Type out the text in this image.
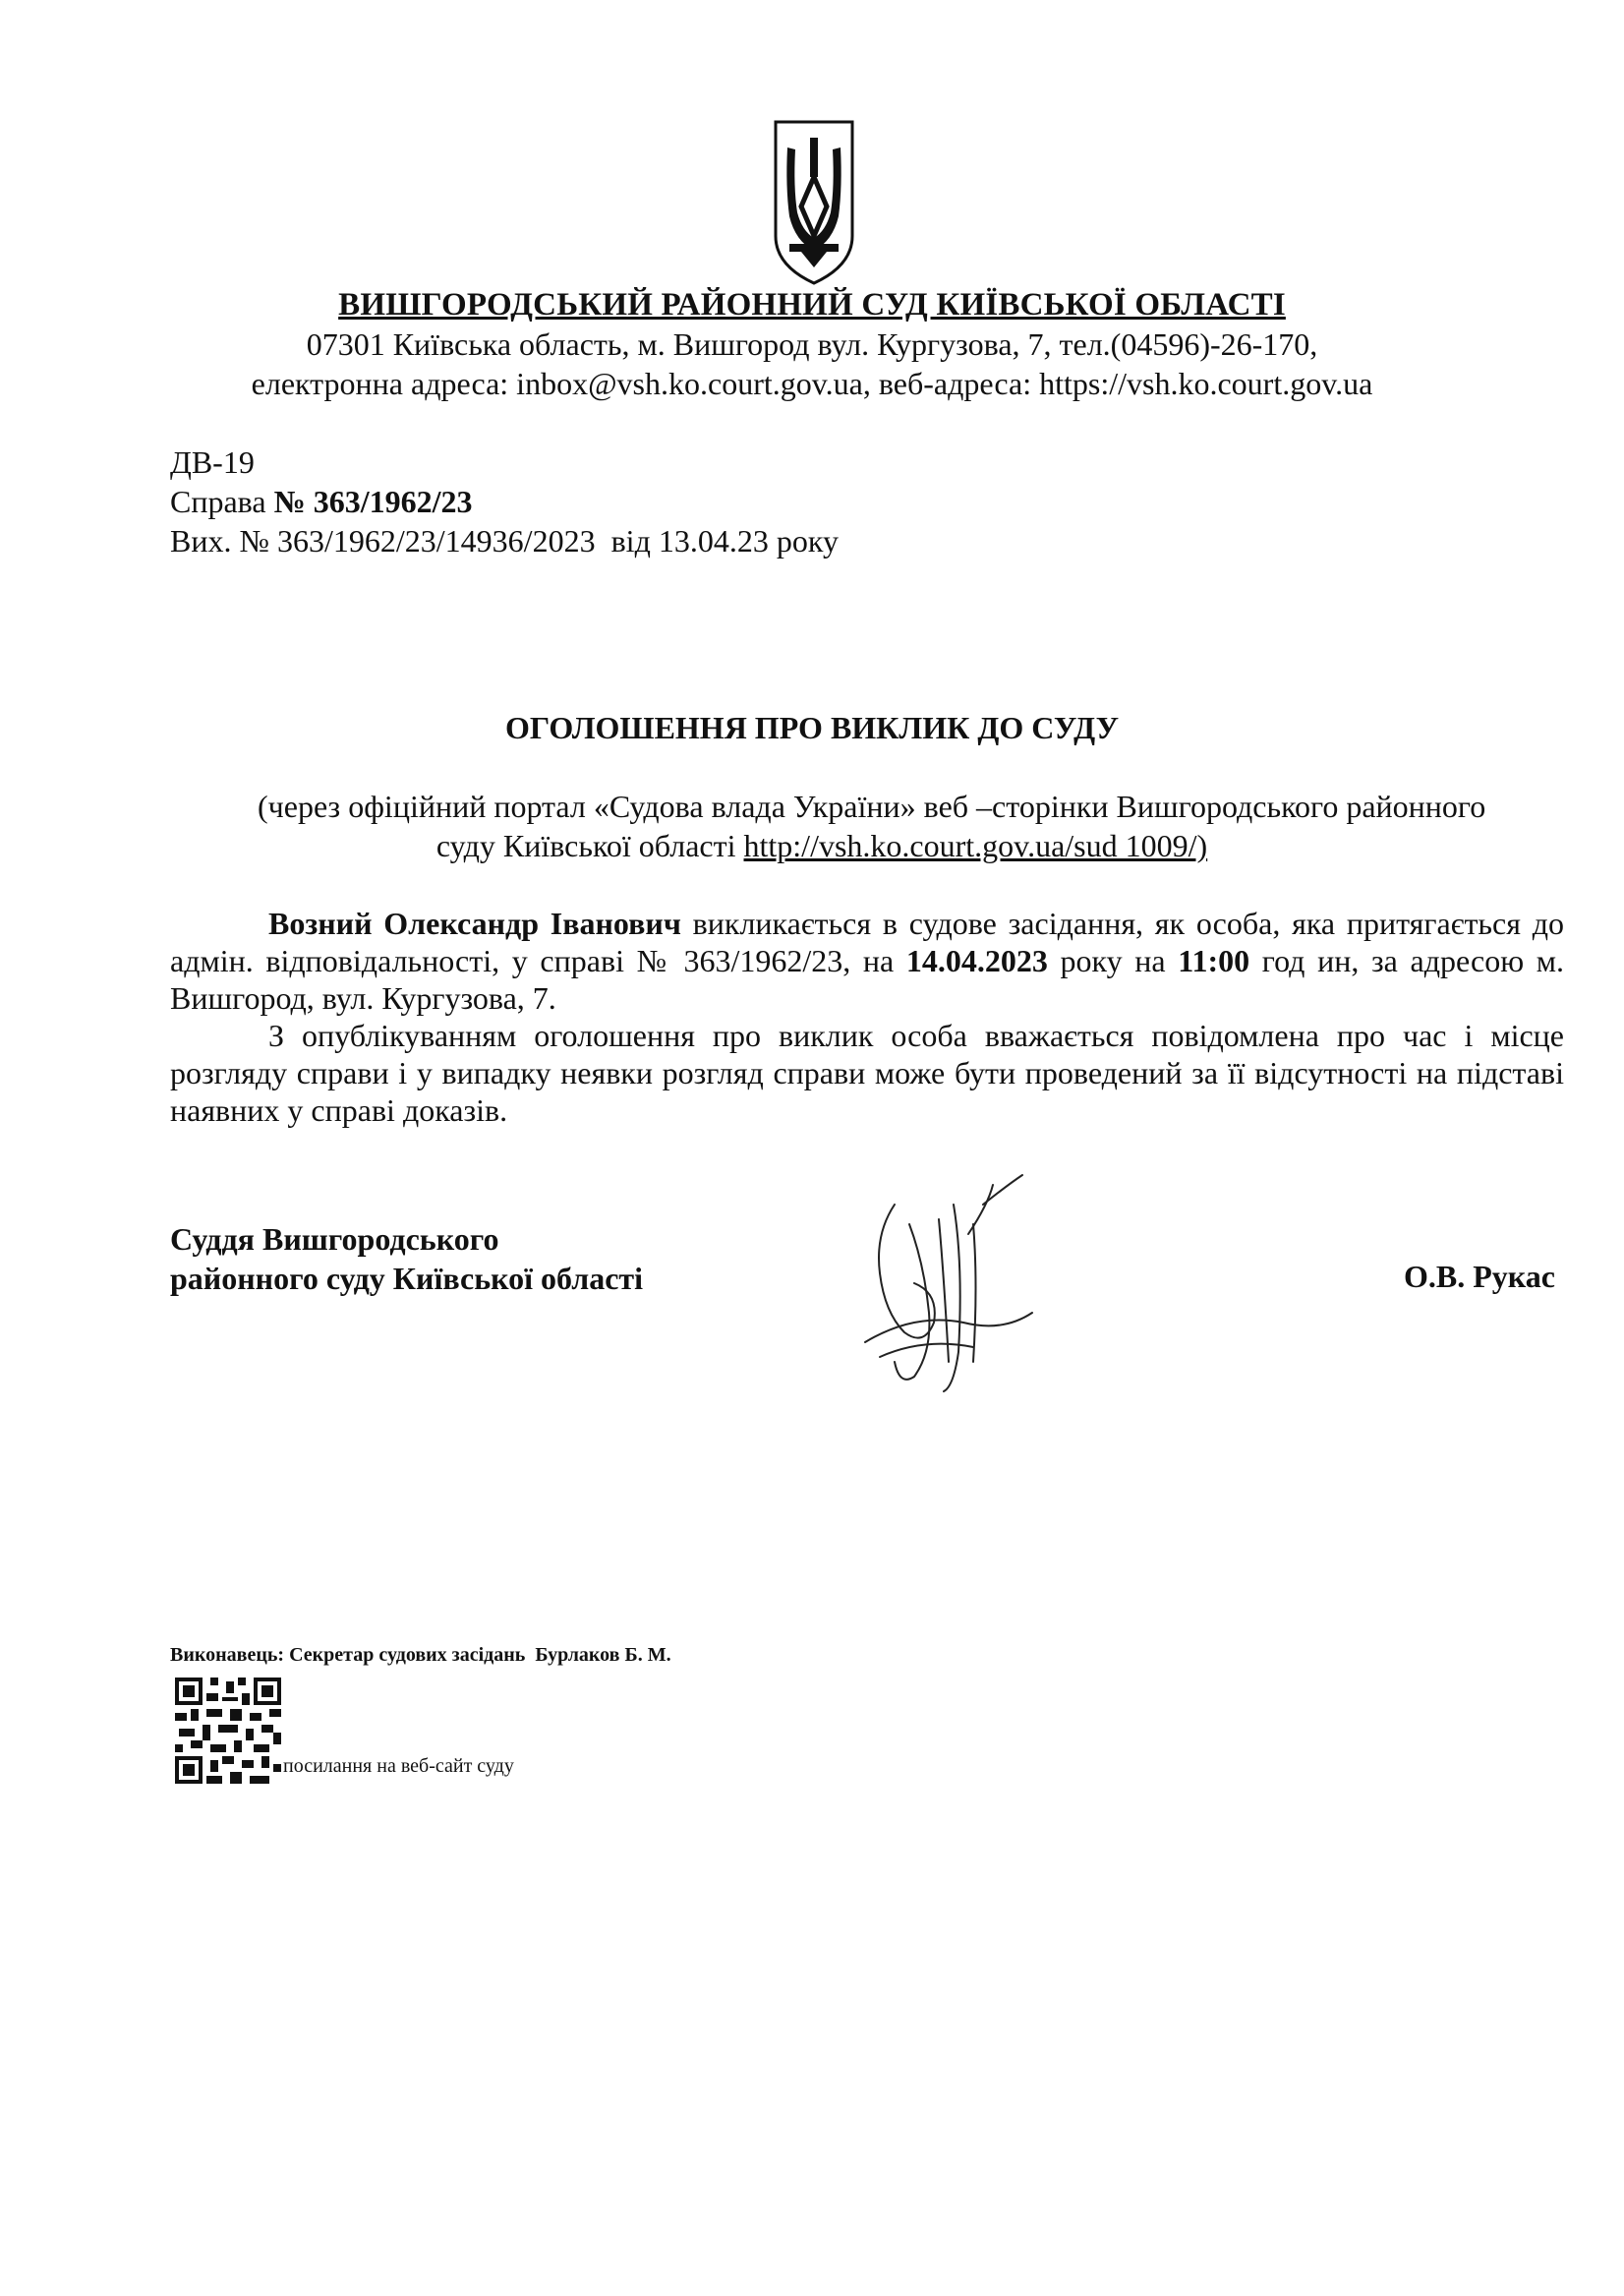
ВИШГОРОДСЬКИЙ РАЙОННИЙ СУД КИЇВСЬКОЇ ОБЛАСТІ
07301 Київська область, м. Вишгород вул. Кургузова, 7, тел.(04596)-26-170,
електронна адреса: inbox@vsh.ko.court.gov.ua, веб-адреса: https://vsh.ko.court.gov.ua
ДВ-19
Справа № 363/1962/23
Вих. № 363/1962/23/14936/2023  від 13.04.23 року
ОГОЛОШЕННЯ ПРО ВИКЛИК ДО СУДУ
(через офіційний портал «Судова влада України» веб –сторінки Вишгородського районного
суду Київської області http://vsh.ko.court.gov.ua/sud 1009/)

Возний Олександр Іванович викликається в судове засідання, як особа, яка притягається до адмін. відповідальності, у справі № 363/1962/23, на 14.04.2023 року на 11:00 год ин, за адресою м. Вишгород, вул. Кургузова, 7.

З опублікуванням оголошення про виклик особа вважається повідомлена про час і місце розгляду справи і у випадку неявки розгляд справи може бути проведений за її відсутності на підставі наявних у справі доказів.

Суддя Вишгородського
районного суду Київської області	О.В. Рукас
Виконавець: Секретар судових засідань  Бурлаков Б. М.
посилання на веб-сайт суду
